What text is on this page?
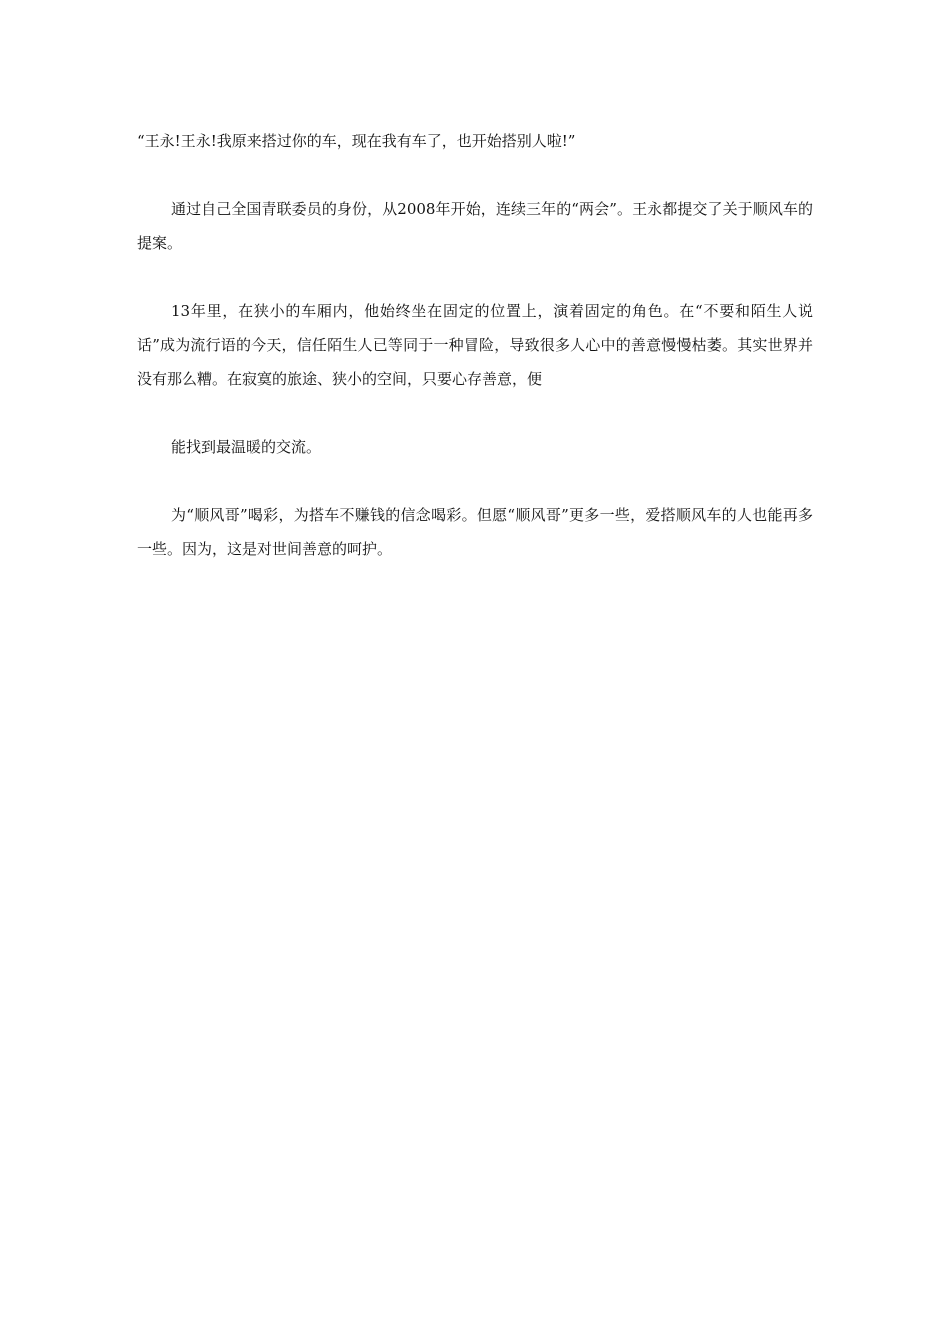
“王永!王永!我原来搭过你的车，现在我有车了，也开始搭别人啦!”

通过自己全国青联委员的身份，从2008年开始，连续三年的“两会”。王永都提交了关于顺风车的提案。

13年里，在狭小的车厢内，他始终坐在固定的位置上，演着固定的角色。在“不要和陌生人说话”成为流行语的今天，信任陌生人已等同于一种冒险，导致很多人心中的善意慢慢枯萎。其实世界并没有那么糟。在寂寞的旅途、狭小的空间，只要心存善意，便

能找到最温暖的交流。

为“顺风哥”喝彩，为搭车不赚钱的信念喝彩。但愿“顺风哥”更多一些，爱搭顺风车的人也能再多一些。因为，这是对世间善意的呵护。
